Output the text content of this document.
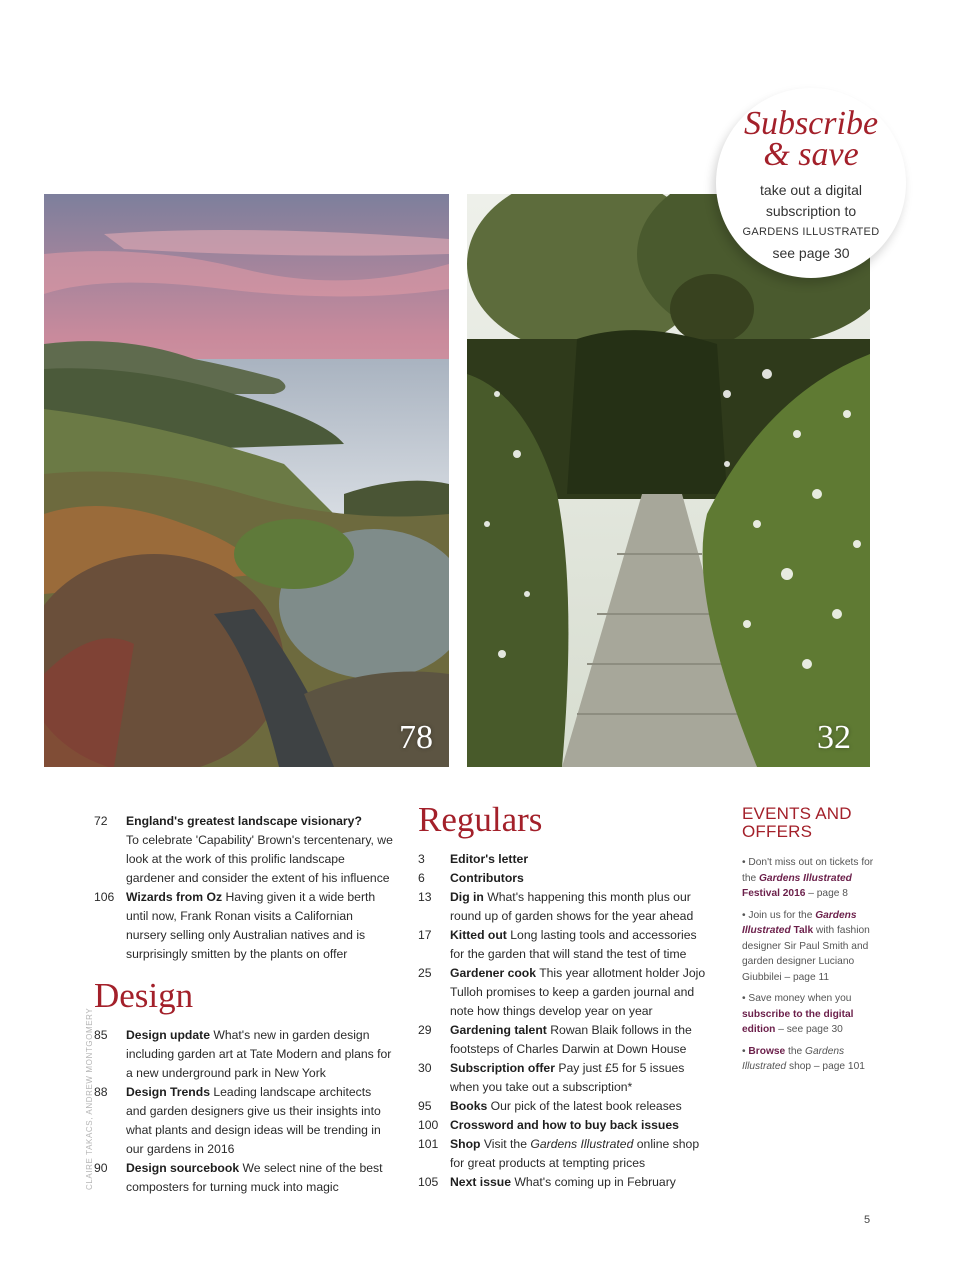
78	32
Subscribe
& save
take out a digital
subscription to
GARDENS ILLUSTRATED
see page 30
72	England's greatest landscape visionary?
To celebrate 'Capability' Brown's tercentenary, we look at the work of this prolific landscape gardener and consider the extent of his influence
106 Wizards from Oz Having given it a wide berth until now, Frank Ronan visits a Californian nursery selling only Australian natives and is surprisingly smitten by the plants on offer
Design
85	Design update What's new in garden design including garden art at Tate Modern and plans for a new underground park in New York
88	Design Trends Leading landscape architects and garden designers give us their insights into what plants and design ideas will be trending in our gardens in 2016
90	Design sourcebook We select nine of the best composters for turning muck into magic
Regulars
3	Editor's letter
6	Contributors
13	Dig in What's happening this month plus our round up of garden shows for the year ahead
17	Kitted out Long lasting tools and accessories for the garden that will stand the test of time
25	Gardener cook This year allotment holder Jojo Tulloh promises to keep a garden journal and note how things develop year on year
29	Gardening talent Rowan Blaik follows in the footsteps of Charles Darwin at Down House
30	Subscription offer Pay just £5 for 5 issues when you take out a subscription*
95	Books Our pick of the latest book releases
100 Crossword and how to buy back issues
101 Shop Visit the Gardens Illustrated online shop for great products at tempting prices
105 Next issue What's coming up in February
EVENTS AND
OFFERS
• Don't miss out on tickets for the Gardens Illustrated
Festival 2016 – page 8
• Join us for the Gardens Illustrated Talk with fashion designer Sir Paul Smith and garden designer Luciano Giubbilei – page 11
• Save money when you subscribe to the digital edition – see page 30
• Browse the Gardens Illustrated shop – page 101
CLAIRE TAKACS, ANDREW MONTGOMERY
5
